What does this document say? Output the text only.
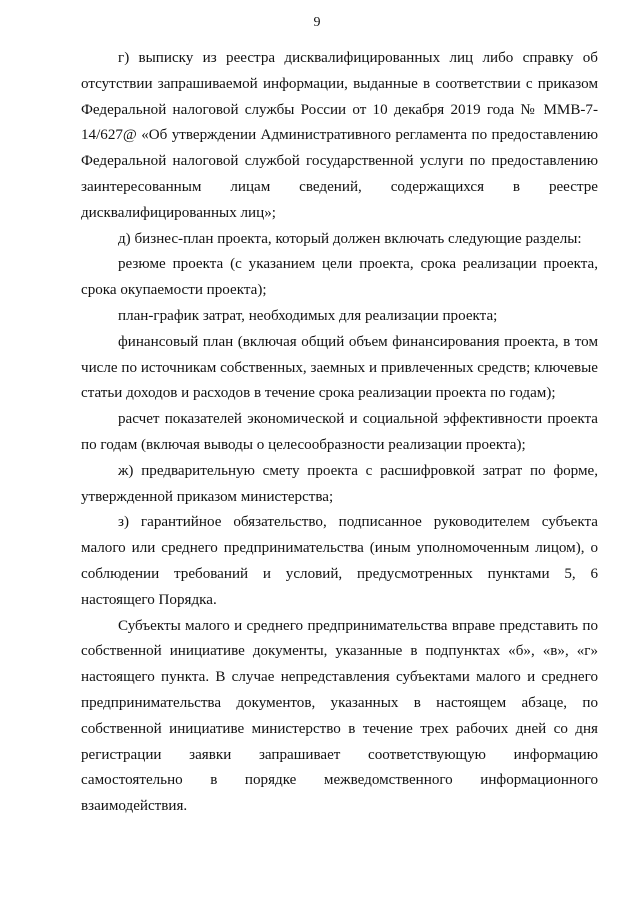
9

г) выписку из реестра дисквалифицированных лиц либо справку об отсутствии запрашиваемой информации, выданные в соответствии с приказом Федеральной налоговой службы России от 10 декабря 2019 года № ММВ-7-14/627@ «Об утверждении Административного регламента по предоставлению Федеральной налоговой службой государственной услуги по предоставлению заинтересованным лицам сведений, содержащихся в реестре дисквалифицированных лиц»;

д) бизнес-план проекта, который должен включать следующие разделы:

резюме проекта (с указанием цели проекта, срока реализации проекта, срока окупаемости проекта);

план-график затрат, необходимых для реализации проекта;

финансовый план (включая общий объем финансирования проекта, в том числе по источникам собственных, заемных и привлеченных средств; ключевые статьи доходов и расходов в течение срока реализации проекта по годам);

расчет показателей экономической и социальной эффективности проекта по годам (включая выводы о целесообразности реализации проекта);

ж) предварительную смету проекта с расшифровкой затрат по форме, утвержденной приказом министерства;

з) гарантийное обязательство, подписанное руководителем субъекта малого или среднего предпринимательства (иным уполномоченным лицом), о соблюдении требований и условий, предусмотренных пунктами 5, 6 настоящего Порядка.

Субъекты малого и среднего предпринимательства вправе представить по собственной инициативе документы, указанные в подпунктах «б», «в», «г» настоящего пункта. В случае непредставления субъектами малого и среднего предпринимательства документов, указанных в настоящем абзаце, по собственной инициативе министерство в течение трех рабочих дней со дня регистрации заявки запрашивает соответствующую информацию самостоятельно в порядке межведомственного информационного взаимодействия.
